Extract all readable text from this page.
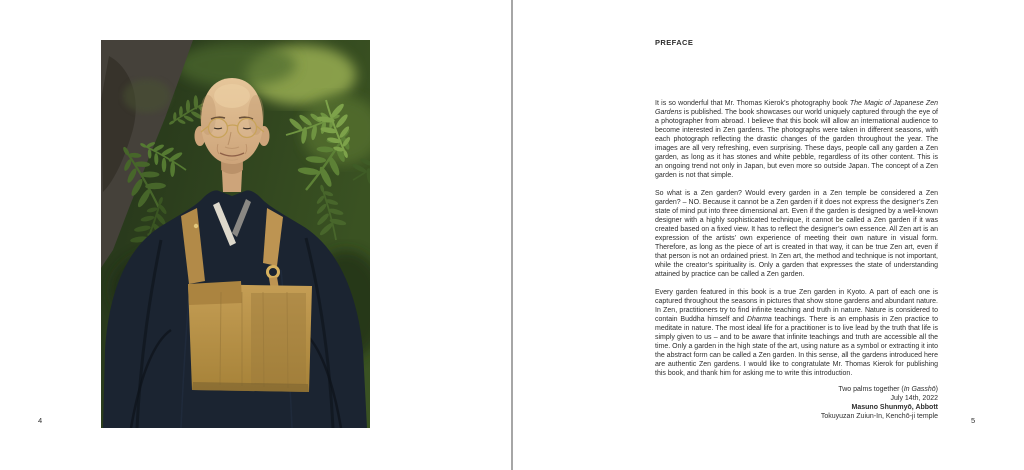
4
PREFACE

It is so wonderful that Mr. Thomas Kierok’s photography book The Magic of Japanese Zen Gardens is published. The book showcases our world uniquely captured through the eye of a photographer from abroad. I believe that this book will allow an international audience to become interested in Zen gardens. The photographs were taken in different seasons, with each photograph reflecting the drastic changes of the garden throughout the year. The images are all very refreshing, even surprising. These days, people call any garden a Zen garden, as long as it has stones and white pebble, regardless of its other content. This is an ongoing trend not only in Japan, but even more so outside Japan. The concept of a Zen garden is not that simple.

So what is a Zen garden? Would every garden in a Zen temple be considered a Zen garden? – NO. Because it cannot be a Zen garden if it does not express the designer’s Zen state of mind put into three dimensional art. Even if the garden is designed by a well-known designer with a highly sophisticated technique, it cannot be called a Zen garden if it was created based on a fixed view. It has to reflect the designer’s own essence. All Zen art is an expression of the artists’ own experience of meeting their own nature in visual form. Therefore, as long as the piece of art is created in that way, it can be true Zen art, even if that person is not an ordained priest. In Zen art, the method and technique is not important, while the creator’s spirituality is. Only a garden that expresses the state of understanding attained by practice can be called a Zen garden.

Every garden featured in this book is a true Zen garden in Kyoto. A part of each one is captured throughout the seasons in pictures that show stone gardens and abundant nature. In Zen, practitioners try to find infinite teaching and truth in nature. Nature is considered to contain Buddha himself and Dharma teachings. There is an emphasis in Zen practice to meditate in nature. The most ideal life for a practitioner is to live lead by the truth that life is simply given to us – and to be aware that infinite teachings and truth are accessible all the time. Only a garden in the high state of the art, using nature as a symbol or extracting it into the abstract form can be called a Zen garden. In this sense, all the gardens introduced here are authentic Zen gardens. I would like to congratulate Mr. Thomas Kierok for publishing this book, and thank him for asking me to write this introduction.

Two palms together (In Gasshō)
July 14th, 2022
Masuno Shunmyō, Abbott
Tokuyuzan Zuiun-In, Kenchō-ji temple	5
